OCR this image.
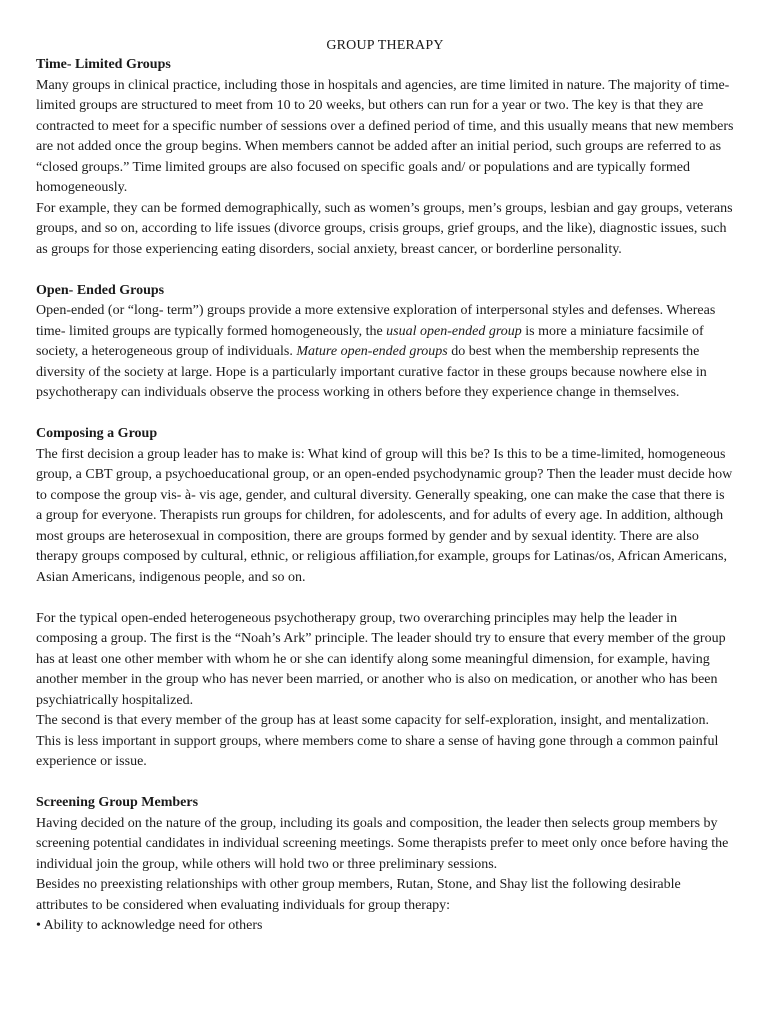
GROUP THERAPY

Time- Limited Groups

Many groups in clinical practice, including those in hospitals and agencies, are time limited in nature. The majority of time-limited groups are structured to meet from 10 to 20 weeks, but others can run for a year or two. The key is that they are contracted to meet for a specific number of sessions over a defined period of time, and this usually means that new members are not added once the group begins. When members cannot be added after an initial period, such groups are referred to as “closed groups.” Time limited groups are also focused on specific goals and/ or populations and are typically formed homogeneously.

For example, they can be formed demographically, such as women’s groups, men’s groups, lesbian and gay groups, veterans groups, and so on, according to life issues (divorce groups, crisis groups, grief groups, and the like), diagnostic issues, such as groups for those experiencing eating disorders, social anxiety, breast cancer, or borderline personality.

Open- Ended Groups

Open-ended (or “long- term”) groups provide a more extensive exploration of interpersonal styles and defenses. Whereas time- limited groups are typically formed homogeneously, the usual open-ended group is more a miniature facsimile of society, a heterogeneous group of individuals. Mature open-ended groups do best when the membership represents the diversity of the society at large. Hope is a particularly important curative factor in these groups because nowhere else in psychotherapy can individuals observe the process working in others before they experience change in themselves.

Composing a Group

The first decision a group leader has to make is: What kind of group will this be? Is this to be a time-limited, homogeneous group, a CBT group, a psychoeducational group, or an open-ended psychodynamic group? Then the leader must decide how to compose the group vis- à- vis age, gender, and cultural diversity. Generally speaking, one can make the case that there is a group for everyone. Therapists run groups for children, for adolescents, and for adults of every age. In addition, although most groups are heterosexual in composition, there are groups formed by gender and by sexual identity. There are also therapy groups composed by cultural, ethnic, or religious affiliation,for example, groups for Latinas/os, African Americans, Asian Americans, indigenous people, and so on.

For the typical open-ended heterogeneous psychotherapy group, two overarching principles may help the leader in composing a group. The first is the “Noah’s Ark” principle. The leader should try to ensure that every member of the group has at least one other member with whom he or she can identify along some meaningful dimension, for example, having another member in the group who has never been married, or another who is also on medication, or another who has been psychiatrically hospitalized.

The second is that every member of the group has at least some capacity for self-exploration, insight, and mentalization. This is less important in support groups, where members come to share a sense of having gone through a common painful experience or issue.

Screening Group Members

Having decided on the nature of the group, including its goals and composition, the leader then selects group members by screening potential candidates in individual screening meetings. Some therapists prefer to meet only once before having the individual join the group, while others will hold two or three preliminary sessions.

Besides no preexisting relationships with other group members, Rutan, Stone, and Shay list the following desirable attributes to be considered when evaluating individuals for group therapy:

• Ability to acknowledge need for others
